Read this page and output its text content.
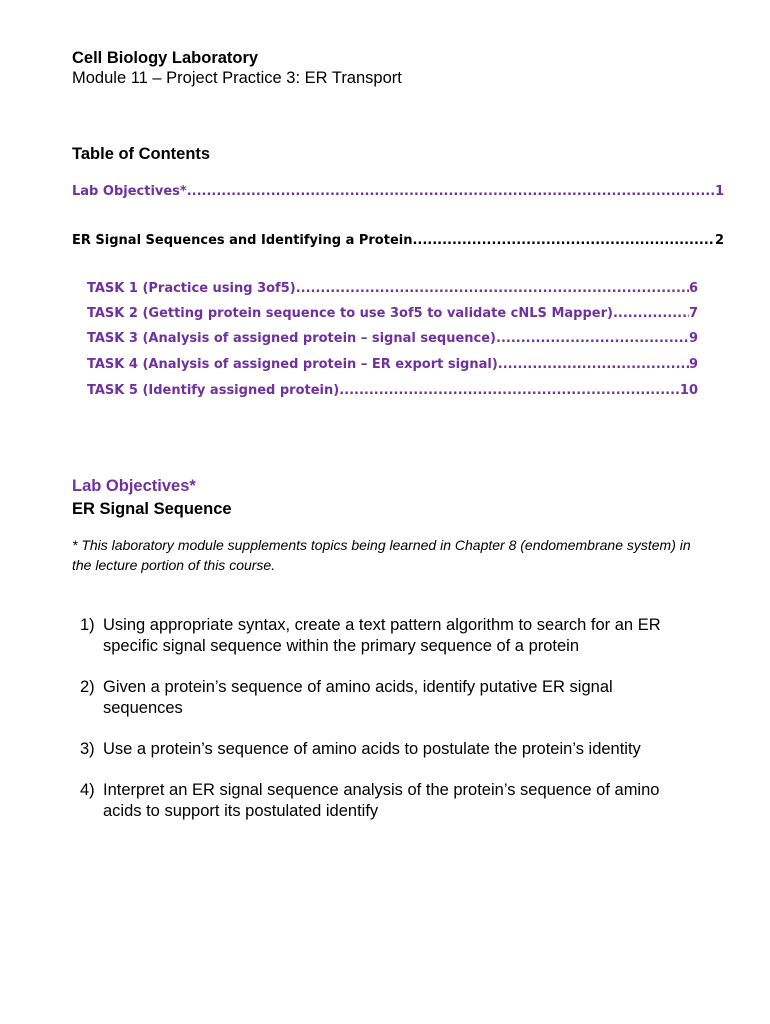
Cell Biology Laboratory
Module 11 – Project Practice 3: ER Transport
Table of Contents
Lab Objectives* .....	1
ER Signal Sequences and Identifying a Protein .....	2
TASK 1 (Practice using 3of5) .....	6
TASK 2 (Getting protein sequence to use 3of5 to validate cNLS Mapper) .....	7
TASK 3 (Analysis of assigned protein – signal sequence) .....	9
TASK 4 (Analysis of assigned protein – ER export signal) .....	9
TASK 5 (Identify assigned protein) .....	10
Lab Objectives*
ER Signal Sequence
* This laboratory module supplements topics being learned in Chapter 8 (endomembrane system) in the lecture portion of this course.
1) Using appropriate syntax, create a text pattern algorithm to search for an ER specific signal sequence within the primary sequence of a protein
2) Given a protein’s sequence of amino acids, identify putative ER signal sequences
3) Use a protein’s sequence of amino acids to postulate the protein’s identity
4) Interpret an ER signal sequence analysis of the protein’s sequence of amino acids to support its postulated identify
